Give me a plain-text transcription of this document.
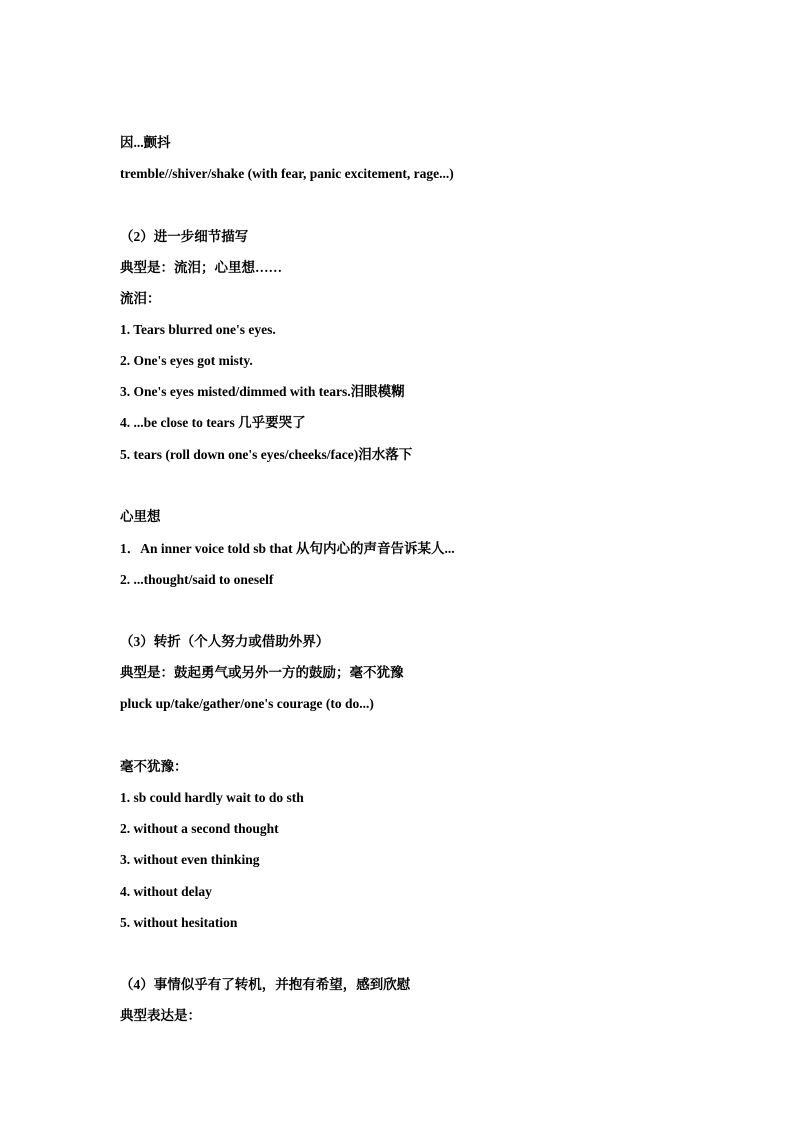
因...颤抖
tremble//shiver/shake (with fear, panic excitement, rage...)
（2）进一步细节描写
典型是：流泪；心里想……
流泪：
1. Tears blurred one's eyes.
2. One's eyes got misty.
3. One's eyes misted/dimmed with tears.泪眼模糊
4. ...be close to tears 几乎要哭了
5. tears (roll down one's eyes/cheeks/face)泪水落下
心里想
1．An inner voice told sb that 从句内心的声音告诉某人...
2. ...thought/said to oneself
（3）转折（个人努力或借助外界）
典型是：鼓起勇气或另外一方的鼓励；毫不犹豫
pluck up/take/gather/one's courage (to do...)
毫不犹豫：
1. sb could hardly wait to do sth
2. without a second thought
3. without even thinking
4. without delay
5. without hesitation
（4）事情似乎有了转机，并抱有希望，感到欣慰
典型表达是：
